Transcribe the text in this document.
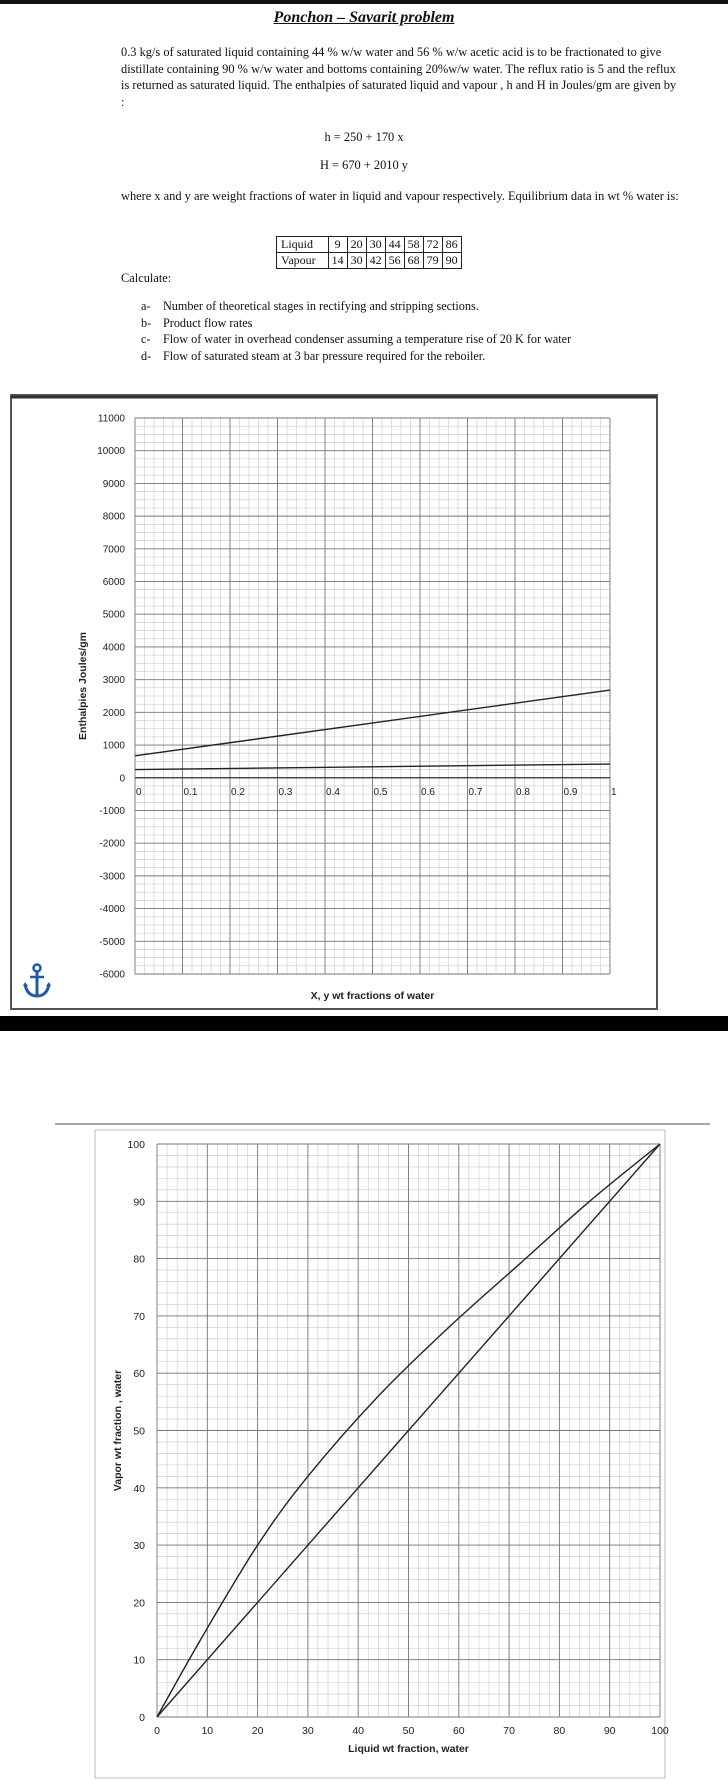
Ponchon – Savarit problem
0.3 kg/s of saturated liquid containing 44 % w/w water and 56 % w/w acetic acid is to be fractionated to give distillate containing 90 % w/w water and bottoms containing 20%w/w water. The reflux ratio is 5 and the reflux is returned as saturated liquid. The enthalpies of saturated liquid and vapour , h and H in Joules/gm are given by :
h = 250 + 170 x
H = 670 + 2010 y
where x and y are weight fractions of water in liquid and vapour respectively. Equilibrium data in wt % water is:
Liquid	9	20	30	44	58	72	86
Vapour	14	30	42	56	68	79	90
Calculate:
a- Number of theoretical stages in rectifying and stripping sections.
b- Product flow rates
c- Flow of water in overhead condenser assuming a temperature rise of 20 K for water
d- Flow of saturated steam at 3 bar pressure required for the reboiler.
11000
10000
9000
8000
7000
6000
5000
4000
3000
2000
1000
0
-1000
-2000
-3000
-4000
-5000
-6000
0	0.1	0.2	0.3	0.4	0.5	0.6	0.7	0.8	0.9	1
X, y wt fractions of water
Enthalpies Joules/gm
100
90
80
70
60
50
40
30
20
10
0
0	10	20	30	40	50	60	70	80	90	100
Liquid wt fraction, water
Vapor wt fraction , water
